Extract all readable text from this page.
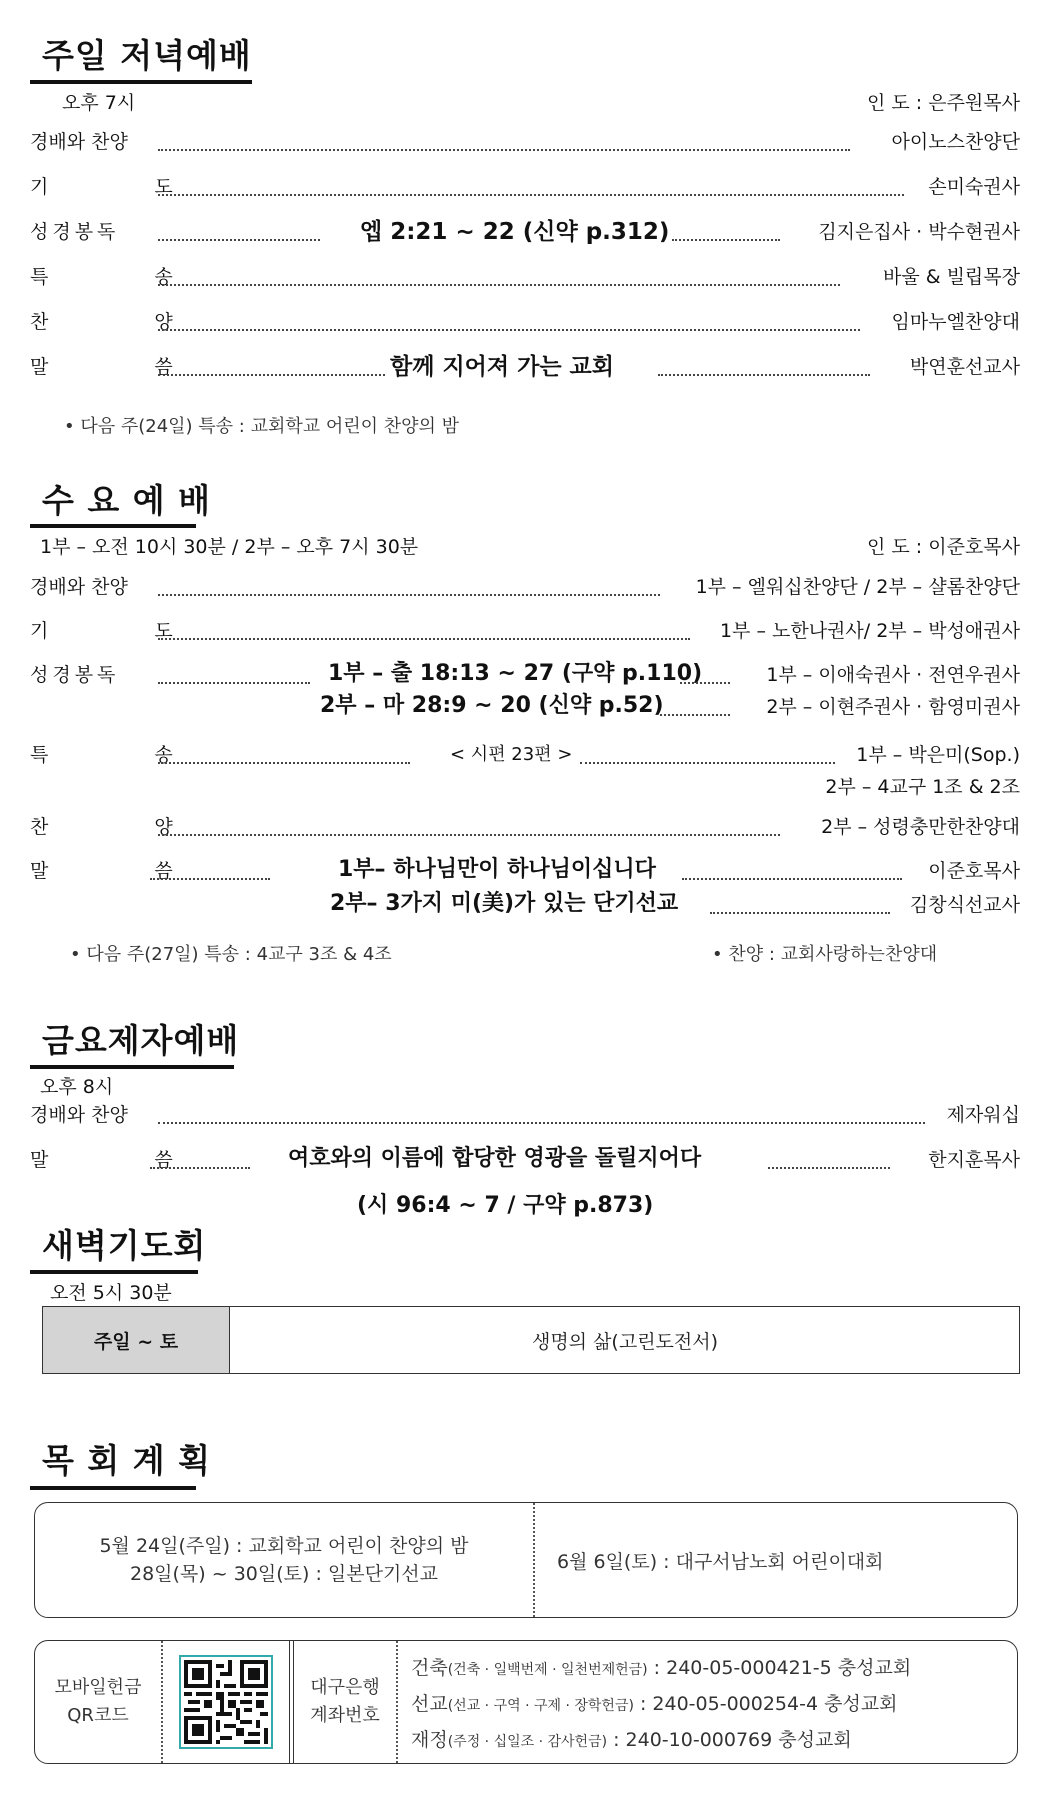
주일 저녁예배
오후 7시	인 도 : 은주원목사
경배와 찬양	아이노스찬양단
기 도	손미숙권사
성경봉독	엡 2:21 ~ 22 (신약 p.312)	김지은집사 · 박수현권사
특 송	바울 & 빌립목장
찬 양	임마누엘찬양대
말 씀	함께 지어져 가는 교회	박연훈선교사
• 다음 주(24일) 특송 : 교회학교 어린이 찬양의 밤
수 요 예 배
1부 – 오전 10시 30분 / 2부 – 오후 7시 30분	인 도 : 이준호목사
경배와 찬양	1부 – 엘워십찬양단 / 2부 – 샬롬찬양단
기 도	1부 – 노한나권사/ 2부 – 박성애권사
성경봉독	1부 – 출 18:13 ~ 27 (구약 p.110)	1부 – 이애숙권사 · 전연우권사
2부 – 마 28:9 ~ 20 (신약 p.52)	2부 – 이현주권사 · 함영미권사
특 송	< 시편 23편 >	1부 – 박은미(Sop.)
2부 – 4교구 1조 & 2조
찬 양	2부 – 성령충만한찬양대
말 씀	1부– 하나님만이 하나님이십니다	이준호목사
2부– 3가지 미(美)가 있는 단기선교	김창식선교사
• 다음 주(27일) 특송 : 4교구 3조 & 4조	• 찬양 : 교회사랑하는찬양대
금요제자예배
오후 8시
경배와 찬양	제자워십
말 씀	여호와의 이름에 합당한 영광을 돌릴지어다	한지훈목사
(시 96:4 ~ 7 / 구약 p.873)
새벽기도회
오전 5시 30분
주일 ~ 토	생명의 삶(고린도전서)
목 회 계 획
5월 24일(주일) : 교회학교 어린이 찬양의 밤
28일(목) ~ 30일(토) : 일본단기선교
6월 6일(토) : 대구서남노회 어린이대회
모바일헌금
QR코드
대구은행
계좌번호
건축(건축 · 일백번제 · 일천번제헌금) : 240-05-000421-5 충성교회
선교(선교 · 구역 · 구제 · 장학헌금) : 240-05-000254-4 충성교회
재정(주정 · 십일조 · 감사헌금) : 240-10-000769 충성교회
